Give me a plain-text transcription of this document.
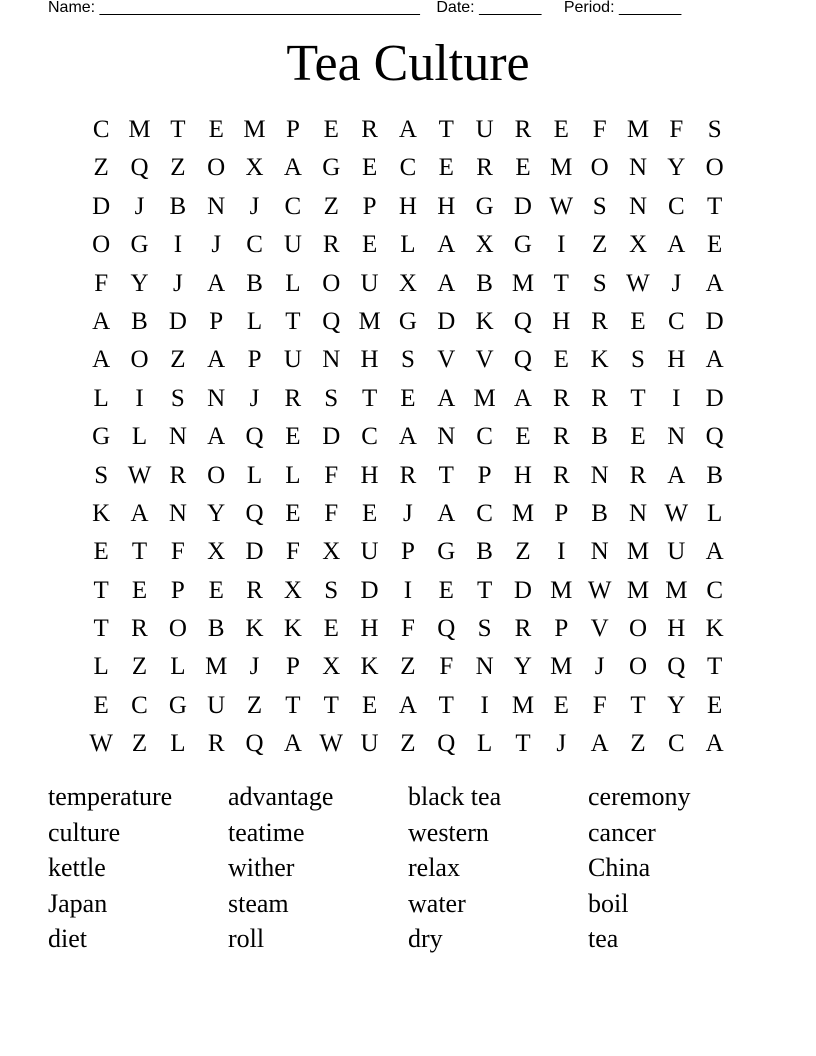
Name: ____________________________________ Date: _______ Period: _______
Tea Culture
C M T E M P E R A T U R E F M F S
Z Q Z O X A G E C E R E M O N Y O
D J	B N J	C Z P H H G D W S N C T
O G	I	J	C U R E L A X G	I	Z X A E
F Y J A B L O U X A B M T S W J A
A B D P L T Q M G D K Q H R E C D
A O Z A P U N H S V V Q E K S H A
L	I	S N J	R S T E A M A R R T	I	D
G L N A Q E D C A N C E R B E N Q
S W R O L L F H R T P H R N R A B
K A N Y Q E F E	J A C M P B N W L
E T F X D F X U P G B Z	I	N M U A
T E P E R X S D	I	E T D M W M M C
T R O B K K E H F Q S R P V O H K
L Z L M J	P X K Z F N Y M J O Q T
E C G U Z T T E A T	I M E F T Y E
W Z L R Q A W U Z Q L T	J A Z C A
temperature	advantage	black tea	ceremony
culture	teatime	western	cancer
kettle	wither	relax	China
Japan	steam	water	boil
diet	roll	dry	tea
